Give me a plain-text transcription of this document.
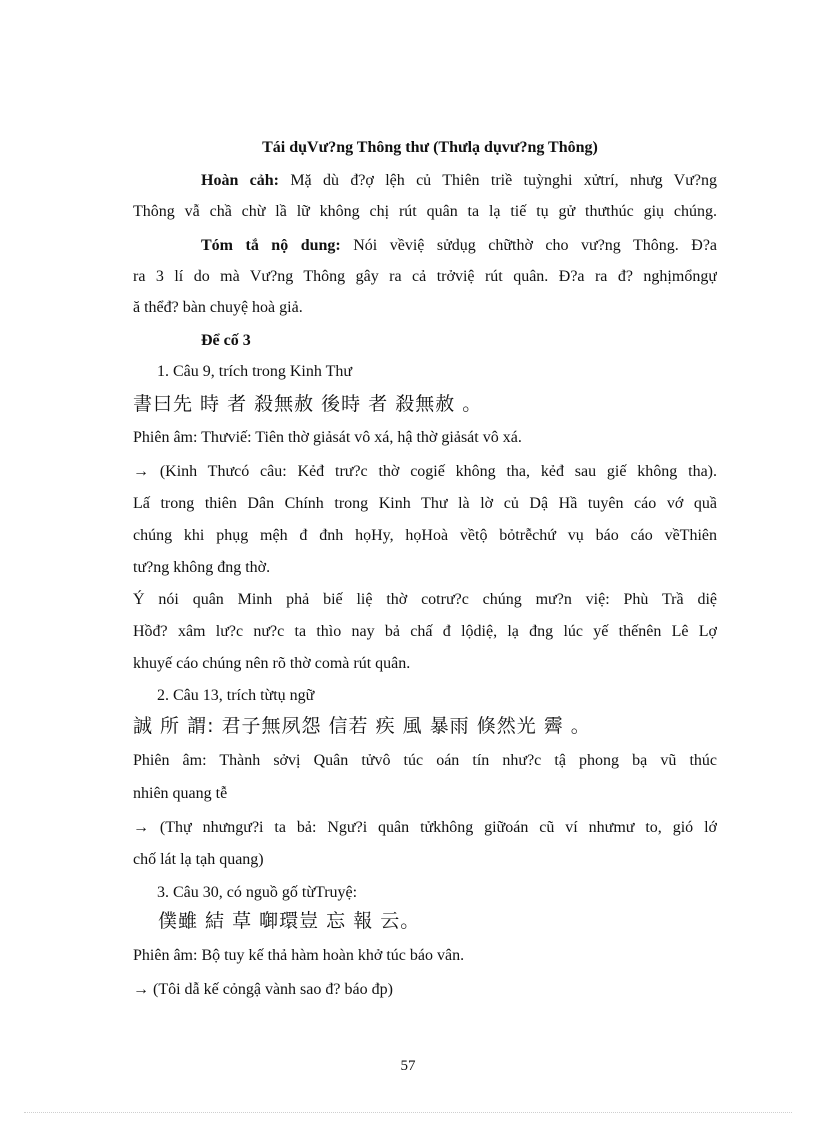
Tái dụVư?ng Thông thư (Thưlạ dụvư?ng Thông)
Hoàn cảh: Mặ dù đ?ợ lệh củ Thiên triề tuỳnghi xửtrí, nhưg Vư?ng
Thông vẫ chầ chừ lầ lữ không chị rút quân ta lạ tiế tụ gử thưthúc giụ chúng.
Tóm tắ nộ dung: Nói vềviệ sửdụg chữthờ cho vư?ng Thông. Đ?a
ra 3 lí do mà Vư?ng Thông gây ra cả trởviệ rút quân. Đ?a ra đ? nghịmổngự
ă thểđ? bàn chuyệ hoà giả.
Để cố 3
1. Câu 9, trích trong Kinh Thư
書曰先 時 者 殺無赦 後時 者 殺無赦 。
Phiên âm: Thưviế: Tiên thờ giảsát vô xá, hậ thờ giảsát vô xá.
→ (Kinh Thưcó câu: Kẻđ trư?c thờ cogiế không tha, kẻđ sau giế không tha).
Lấ trong thiên Dân Chính trong Kinh Thư là lờ củ Dậ Hầ tuyên cáo vớ quầ
chúng khi phụg mệh đ đnh họHy, họHoà vềtộ bỏtrễchứ vụ báo cáo vềThiên
tư?ng không đng thờ.
Ý nói quân Minh phả biế liệ thờ cotrư?c chúng mư?n việ: Phù Trầ diệ
Hồđ? xâm lư?c nư?c ta thìo nay bả chấ đ lộdiệ, lạ đng lúc yế thếnên Lê Lợ
khuyế cáo chúng nên rõ thờ comà rút quân.
2. Câu 13, trích từtụ ngữ
誠 所 謂: 君子無夙怨 信若 疾 風 暴雨 倏然光 霽 。
Phiên âm: Thành sởvị Quân tửvô túc oán tín như?c tậ phong bạ vũ thúc
nhiên quang tễ
→ (Thự nhưngư?i ta bả: Ngư?i quân tửkhông giữoán cũ ví nhưmư to, gió lớ
chố lát lạ tạh quang)
3. Câu 30, có nguồ gố từTruyệ:
僕雖 結 草 啣環豈 忘 報 云。
Phiên âm: Bộ tuy kế thả hàm hoàn khở túc báo vân.
→ (Tôi dẫ kế cỏngậ vành sao đ? báo đp)
57
